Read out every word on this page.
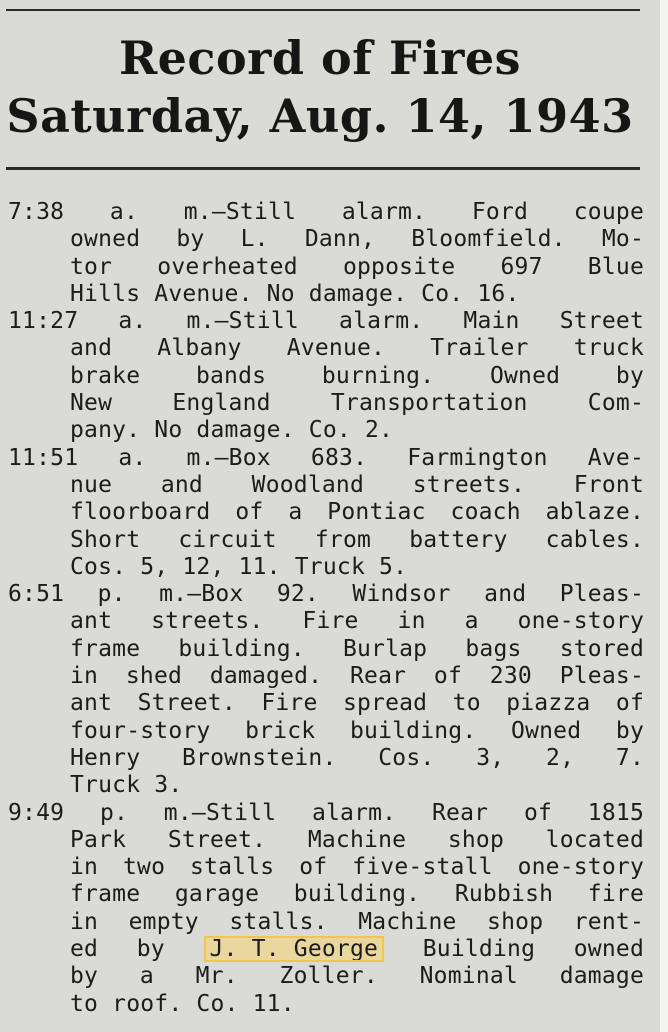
Record of Fires
Saturday, Aug. 14, 1943
7:38 a. m.—Still alarm. Ford coupe
owned by L. Dann, Bloomfield. Mo-
tor overheated opposite 697 Blue
Hills Avenue. No damage. Co. 16.
11:27 a. m.—Still alarm. Main Street
and Albany Avenue. Trailer truck
brake bands burning. Owned by
New England Transportation Com-
pany. No damage. Co. 2.
11:51 a. m.—Box 683. Farmington Ave-
nue and Woodland streets. Front
floorboard of a Pontiac coach ablaze.
Short circuit from battery cables.
Cos. 5, 12, 11. Truck 5.
6:51 p. m.—Box 92. Windsor and Pleas-
ant streets. Fire in a one-story
frame building. Burlap bags stored
in shed damaged. Rear of 230 Pleas-
ant Street. Fire spread to piazza of
four-story brick building. Owned by
Henry Brownstein. Cos. 3, 2, 7.
Truck 3.
9:49 p. m.—Still alarm. Rear of 1815
Park Street. Machine shop located
in two stalls of five-stall one-story
frame garage building. Rubbish fire
in empty stalls. Machine shop rent-
ed by J. T. George Building owned
by a Mr. Zoller. Nominal damage
to roof. Co. 11.
